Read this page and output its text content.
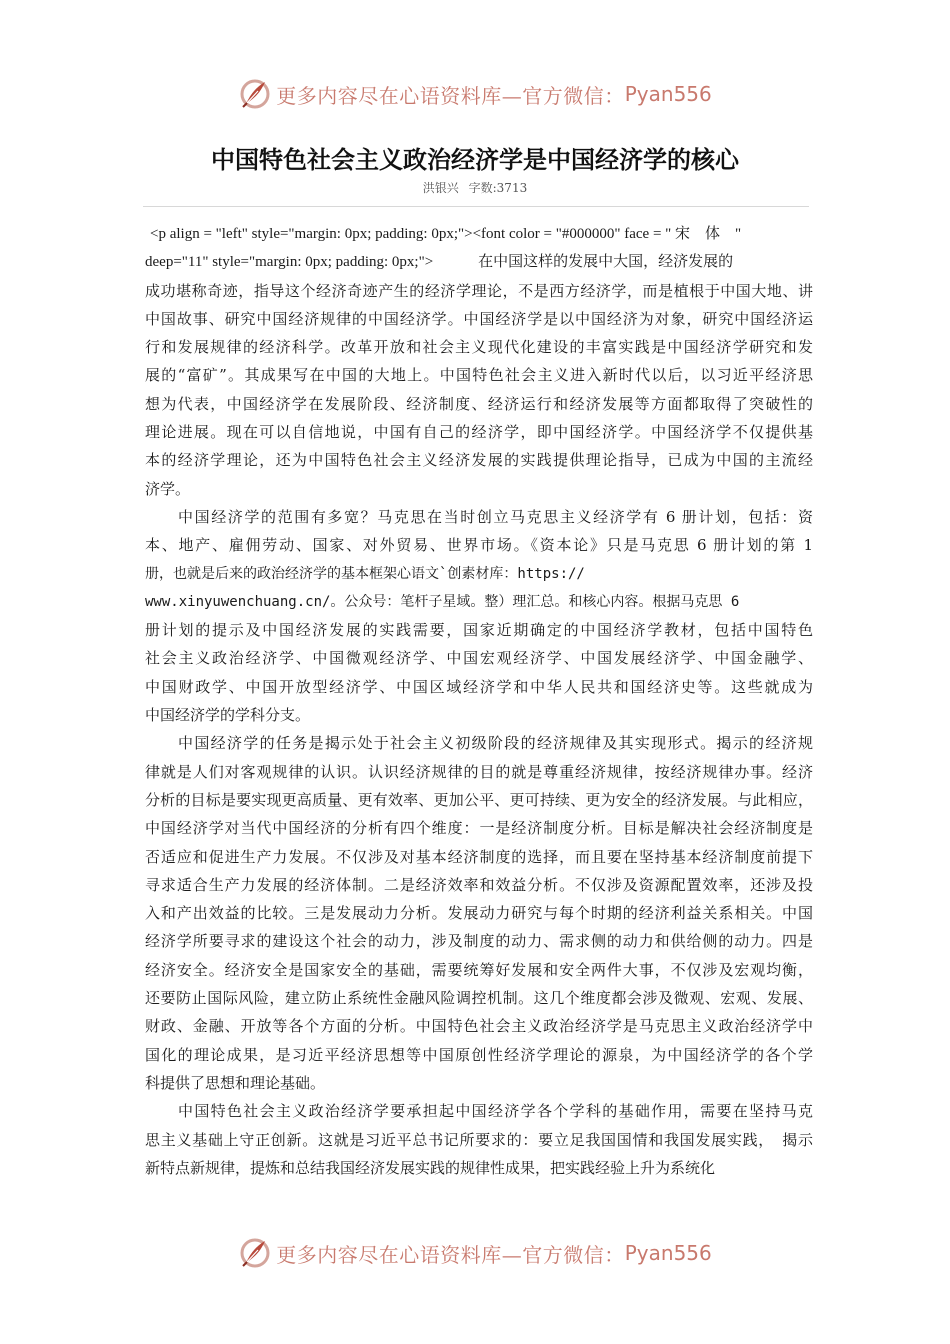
更多内容尽在心语资料库—官方微信： Pyan556
中国特色社会主义政治经济学是中国经济学的核心
洪银兴 字数:3713
<p align = "left" style="margin: 0px; padding: 0px;"><font color = "#000000" face = " 宋　体　"
deep="11" style="margin: 0px; padding: 0px;">　　　在中国这样的发展中大国，经济发展的
成功堪称奇迹，指导这个经济奇迹产生的经济学理论，不是西方经济学，而是植根于中国大地、讲
中国故事、研究中国经济规律的中国经济学。中国经济学是以中国经济为对象，研究中国经济运
行和发展规律的经济科学。改革开放和社会主义现代化建设的丰富实践是中国经济学研究和发
展的“富矿”。其成果写在中国的大地上。中国特色社会主义进入新时代以后，以习近平经济思
想为代表，中国经济学在发展阶段、经济制度、经济运行和经济发展等方面都取得了突破性的
理论进展。现在可以自信地说，中国有自己的经济学，即中国经济学。中国经济学不仅提供基
本的经济学理论，还为中国特色社会主义经济发展的实践提供理论指导，已成为中国的主流经
济学。
中国经济学的范围有多宽？马克思在当时创立马克思主义经济学有 6 册计划，包括：资
本、地产、雇佣劳动、国家、对外贸易、世界市场。《资本论》只是马克思 6 册计划的第 1
册，也就是后来的政治经济学的基本框架心语文`创素材库：https://
www.xinyuwenchuang.cn/。公众号：笔杆子星域。整）理汇总。和核心内容。根据马克思 6
册计划的提示及中国经济发展的实践需要，国家近期确定的中国经济学教材，包括中国特色
社会主义政治经济学、中国微观经济学、中国宏观经济学、中国发展经济学、中国金融学、
中国财政学、中国开放型经济学、中国区域经济学和中华人民共和国经济史等。这些就成为
中国经济学的学科分支。
中国经济学的任务是揭示处于社会主义初级阶段的经济规律及其实现形式。揭示的经济规
律就是人们对客观规律的认识。认识经济规律的目的就是尊重经济规律，按经济规律办事。经济
分析的目标是要实现更高质量、更有效率、更加公平、更可持续、更为安全的经济发展。与此相应，
中国经济学对当代中国经济的分析有四个维度：一是经济制度分析。目标是解决社会经济制度是
否适应和促进生产力发展。不仅涉及对基本经济制度的选择，而且要在坚持基本经济制度前提下
寻求适合生产力发展的经济体制。二是经济效率和效益分析。不仅涉及资源配置效率，还涉及投
入和产出效益的比较。三是发展动力分析。发展动力研究与每个时期的经济利益关系相关。中国
经济学所要寻求的建设这个社会的动力，涉及制度的动力、需求侧的动力和供给侧的动力。四是
经济安全。经济安全是国家安全的基础，需要统筹好发展和安全两件大事，不仅涉及宏观均衡，
还要防止国际风险，建立防止系统性金融风险调控机制。这几个维度都会涉及微观、宏观、发展、
财政、金融、开放等各个方面的分析。中国特色社会主义政治经济学是马克思主义政治经济学中
国化的理论成果，是习近平经济思想等中国原创性经济学理论的源泉，为中国经济学的各个学
科提供了思想和理论基础。
中国特色社会主义政治经济学要承担起中国经济学各个学科的基础作用，需要在坚持马克
思主义基础上守正创新。这就是习近平总书记所要求的：要立足我国国情和我国发展实践，　揭示
新特点新规律，提炼和总结我国经济发展实践的规律性成果，把实践经验上升为系统化
更多内容尽在心语资料库—官方微信： Pyan556
